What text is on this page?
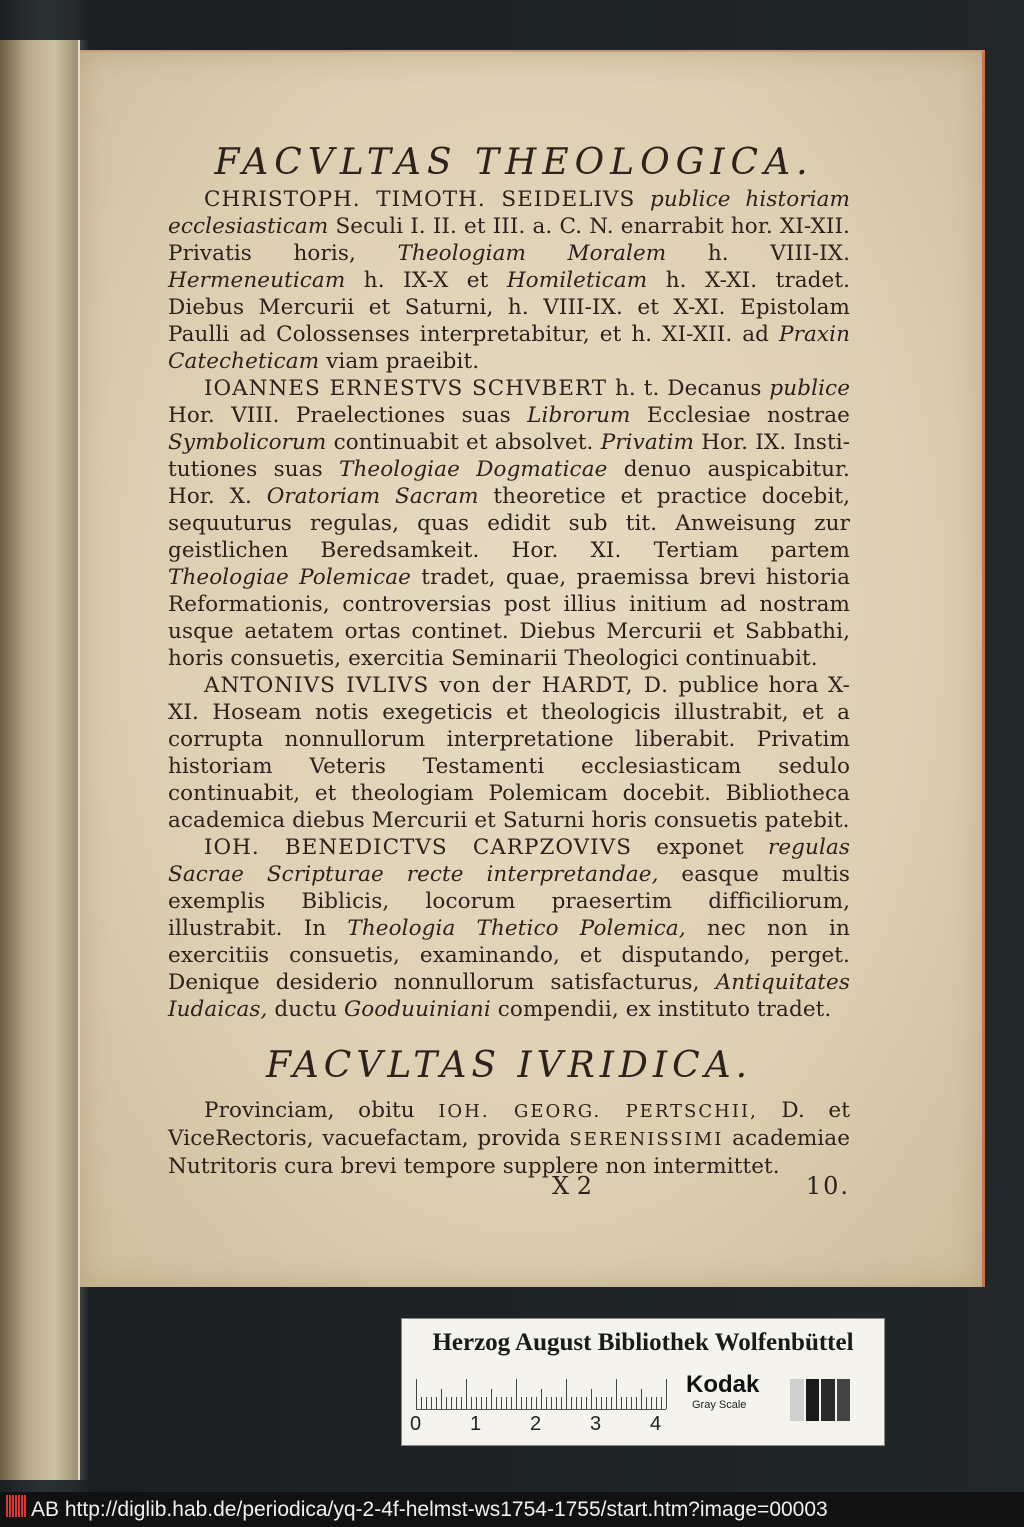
FACVLTAS THEOLOGICA.

CHRISTOPH. TIMOTH. SEIDELIVS publice historiam ecclesiasticam Seculi I. II. et III. a. C. N. enarrabit hor. XI-XII. Privatis horis, Theologiam Moralem h. VIII-IX. Hermeneuticam h. IX-X et Homileticam h. X-XI. tradet. Diebus Mercurii et Saturni, h. VIII-IX. et X-XI. Epistolam Paulli ad Colossenses interpretabitur, et h. XI-XII. ad Praxin Catecheticam viam praeibit.

IOANNES ERNESTVS SCHVBERT h. t. Decanus publice Hor. VIII. Praelectiones suas Librorum Ecclesiae nostrae Symbolicorum continuabit et absolvet. Privatim Hor. IX. Institutiones suas Theologiae Dogmaticae denuo auspicabitur. Hor. X. Oratoriam Sacram theoretice et practice docebit, sequuturus regulas, quas edidit sub tit. Anweisung zur geistlichen Beredsamkeit. Hor. XI. Tertiam partem Theologiae Polemicae tradet, quae, praemissa brevi historia Reformationis, controversias post illius initium ad nostram usque aetatem ortas continet. Diebus Mercurii et Sabbathi, horis consuetis, exercitia Seminarii Theologici continuabit.

ANTONIVS IVLIVS von der HARDT, D. publice hora X-XI. Hoseam notis exegeticis et theologicis illustrabit, et a corrupta nonnullorum interpretatione liberabit. Privatim historiam Veteris Testamenti ecclesiasticam sedulo continuabit, et theologiam Polemicam docebit. Bibliotheca academica diebus Mercurii et Saturni horis consuetis patebit.

IOH. BENEDICTVS CARPZOVIVS exponet regulas Sacrae Scripturae recte interpretandae, easque multis exemplis Biblicis, locorum praesertim difficiliorum, illustrabit. In Theologia Thetico Polemica, nec non in exercitiis consuetis, examinando, et disputando, perget. Denique desiderio nonnullorum satisfacturus, Antiquitates Iudaicas, ductu Gooduuiniani compendii, ex instituto tradet.

FACVLTAS IVRIDICA.

Provinciam, obitu IOH. GEORG. PERTSCHII, D. et ViceRectoris, vacuefactam, provida SERENISSIMI academiae Nutritoris cura brevi tempore supplere non intermittet.

X 2	10.
Herzog August Bibliothek Wolfenbüttel
0 1 2 3 4
Kodak
Gray Scale
AB http://diglib.hab.de/periodica/yq-2-4f-helmst-ws1754-1755/start.htm?image=00003
